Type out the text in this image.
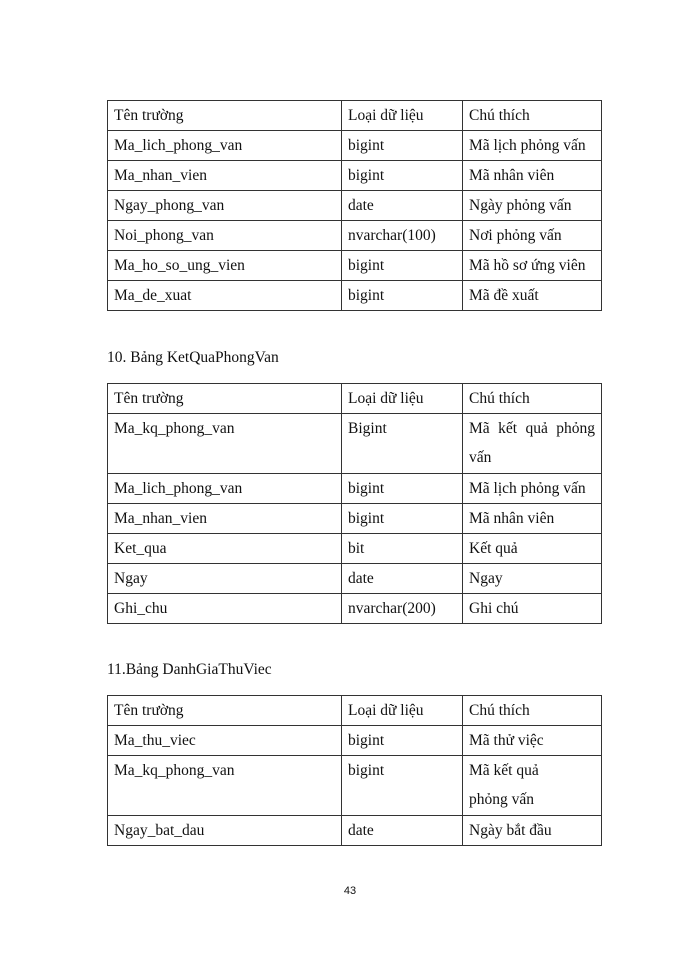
Tên trường	Loại dữ liệu	Chú thích
Ma_lich_phong_van	bigint	Mã lịch phỏng vấn
Ma_nhan_vien	bigint	Mã nhân viên
Ngay_phong_van	date	Ngày phỏng vấn
Noi_phong_van	nvarchar(100)	Nơi phỏng vấn
Ma_ho_so_ung_vien	bigint	Mã hồ sơ ứng viên
Ma_de_xuat	bigint	Mã đề xuất
10. Bảng KetQuaPhongVan
Tên trường	Loại dữ liệu	Chú thích
Ma_kq_phong_van	Bigint	Mã kết quả phỏng vấn
Ma_lich_phong_van	bigint	Mã lịch phỏng vấn
Ma_nhan_vien	bigint	Mã nhân viên
Ket_qua	bit	Kết quả
Ngay	date	Ngay
Ghi_chu	nvarchar(200)	Ghi chú
11.Bảng DanhGiaThuViec
Tên trường	Loại dữ liệu	Chú thích
Ma_thu_viec	bigint	Mã thử việc
Ma_kq_phong_van	bigint	Mã kết quả phỏng vấn
Ngay_bat_dau	date	Ngày bắt đầu
43
